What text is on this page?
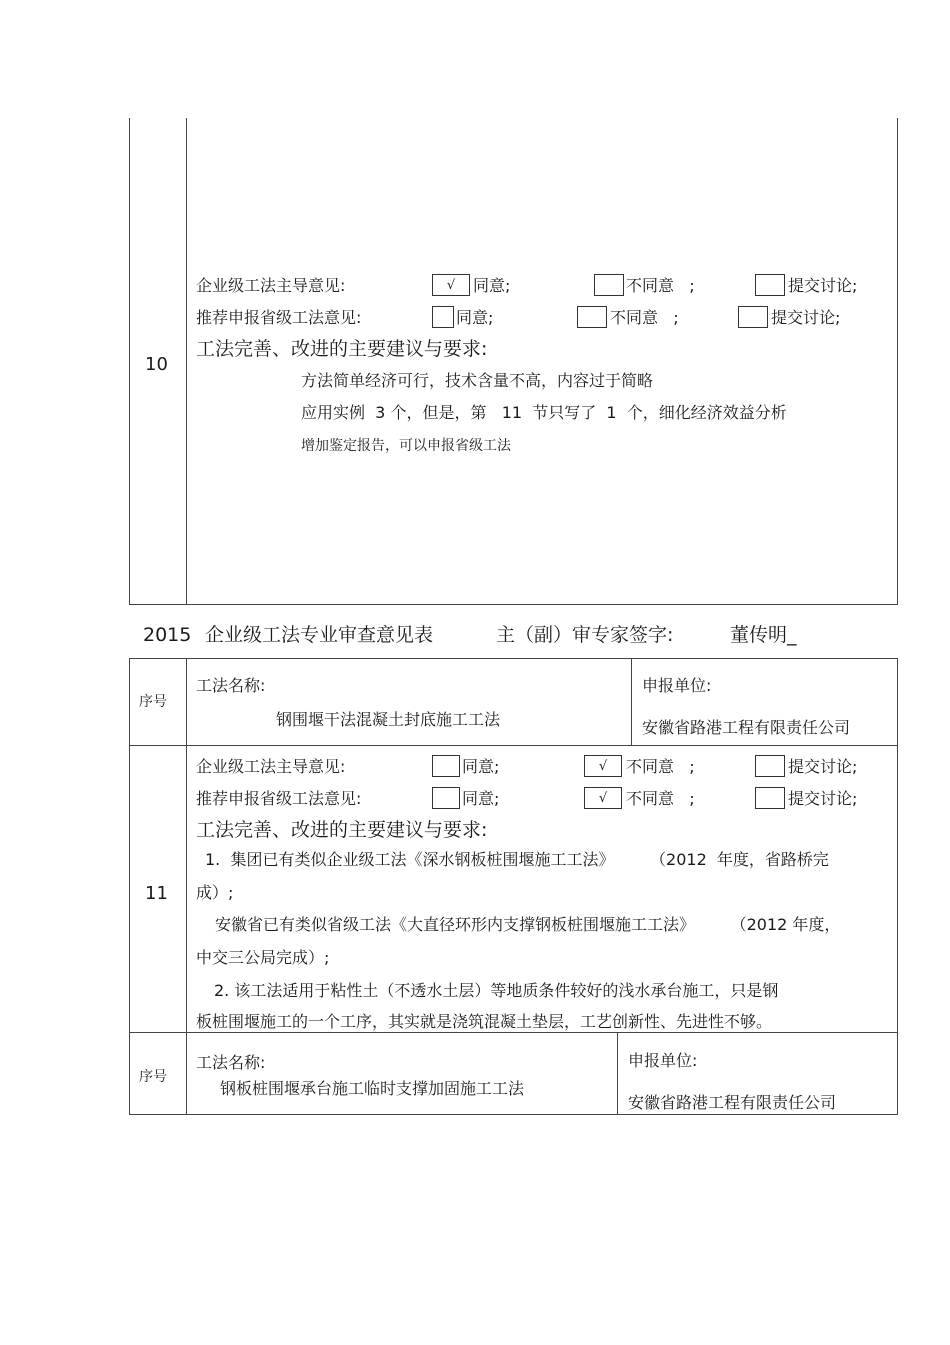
10
企业级工法主导意见:	√	同意;	不同意   ;	提交讨论;
推荐申报省级工法意见:	同意;	不同意   ;	提交讨论;
工法完善、改进的主要建议与要求:
方法简单经济可行，技术含量不高，内容过于简略
应用实例  3 个，但是，第   11  节只写了  1  个，细化经济效益分析
增加鉴定报告，可以申报省级工法
2015 企业级工法专业审查意见表	主（副）审专家签字:	董传明_
序号
工法名称:
钢围堰干法混凝土封底施工工法
申报单位:
安徽省路港工程有限责任公司
11
企业级工法主导意见:	同意;	√	不同意   ;	提交讨论;
推荐申报省级工法意见:	同意;	√	不同意   ;	提交讨论;
工法完善、改进的主要建议与要求:
1.  集团已有类似企业级工法《深水钢板桩围堰施工工法》       （2012  年度，省路桥完
成）;
安徽省已有类似省级工法《大直径环形内支撑钢板桩围堰施工工法》       （2012 年度，
中交三公局完成）;
2. 该工法适用于粘性土（不透水土层）等地质条件较好的浅水承台施工，只是钢
板桩围堰施工的一个工序，其实就是浇筑混凝土垫层，工艺创新性、先进性不够。
序号
工法名称:
钢板桩围堰承台施工临时支撑加固施工工法
申报单位:
安徽省路港工程有限责任公司
